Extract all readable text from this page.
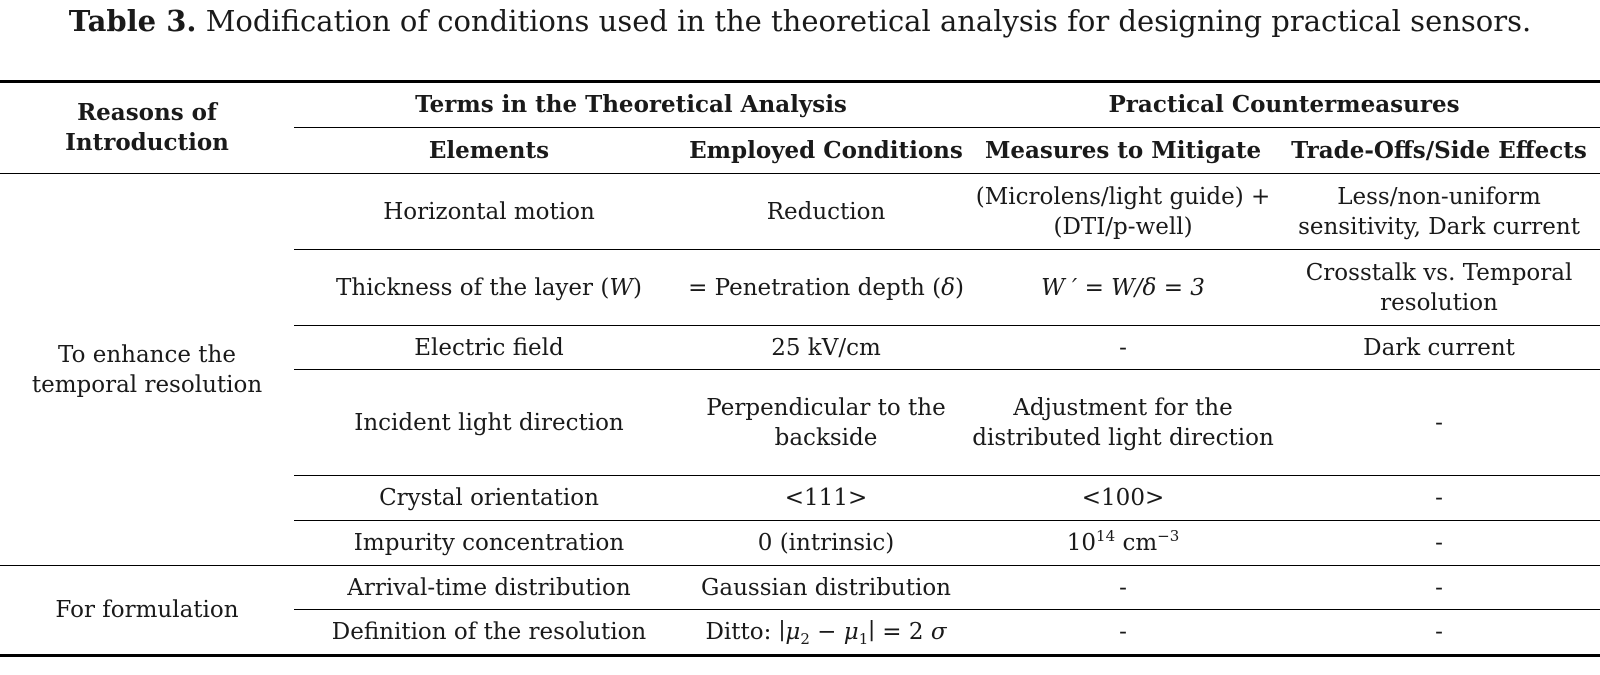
Table 3. Modification of conditions used in the theoretical analysis for designing practical sensors.
Reasons of Introduction	Terms in the Theoretical Analysis		Practical Countermeasures	
	Elements	Employed Conditions	Measures to Mitigate	Trade-Offs/Side Effects
To enhance the temporal resolution	Horizontal motion	Reduction	(Microlens/light guide) + (DTI/p-well)	Less/non-uniform sensitivity, Dark current
	Thickness of the layer (W)	= Penetration depth (δ)	W ′ = W/δ = 3	Crosstalk vs. Temporal resolution
	Electric field	25 kV/cm	-	Dark current
	Incident light direction	Perpendicular to the backside	Adjustment for the distributed light direction	-
	Crystal orientation	<111>	<100>	-
	Impurity concentration	0 (intrinsic)	$10^{14}$ $cm^{-3}$	-
For formulation	Arrival-time distribution	Gaussian distribution	-	-
	Definition of the resolution	Ditto: $∣\mu_2$ − $\mu_1∣ = 2$ σ	-	-
